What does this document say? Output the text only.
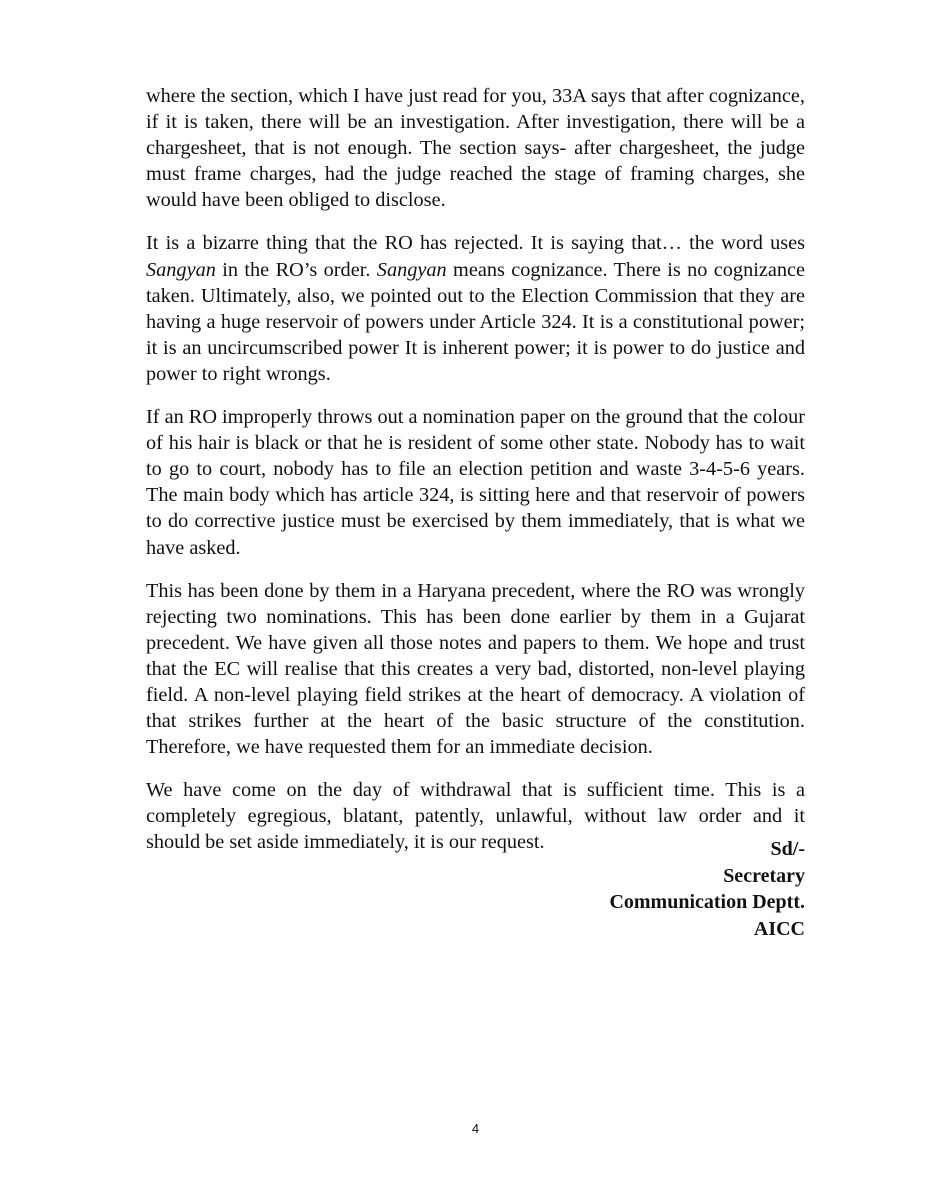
where the section, which I have just read for you, 33A says that after cognizance, if it is taken, there will be an investigation. After investigation, there will be a chargesheet, that is not enough. The section says- after chargesheet, the judge must frame charges, had the judge reached the stage of framing charges, she would have been obliged to disclose.

It is a bizarre thing that the RO has rejected. It is saying that… the word uses Sangyan in the RO’s order. Sangyan means cognizance. There is no cognizance taken. Ultimately, also, we pointed out to the Election Commission that they are having a huge reservoir of powers under Article 324. It is a constitutional power; it is an uncircumscribed power It is inherent power; it is power to do justice and power to right wrongs.

If an RO improperly throws out a nomination paper on the ground that the colour of his hair is black or that he is resident of some other state. Nobody has to wait to go to court, nobody has to file an election petition and waste 3-4-5-6 years. The main body which has article 324, is sitting here and that reservoir of powers to do corrective justice must be exercised by them immediately, that is what we have asked.

This has been done by them in a Haryana precedent, where the RO was wrongly rejecting two nominations. This has been done earlier by them in a Gujarat precedent. We have given all those notes and papers to them. We hope and trust that the EC will realise that this creates a very bad, distorted, non-level playing field. A non-level playing field strikes at the heart of democracy. A violation of that strikes further at the heart of the basic structure of the constitution. Therefore, we have requested them for an immediate decision.

We have come on the day of withdrawal that is sufficient time. This is a completely egregious, blatant, patently, unlawful, without law order and it should be set aside immediately, it is our request.	Sd/-
Secretary
Communication Deptt.
AICC
4
